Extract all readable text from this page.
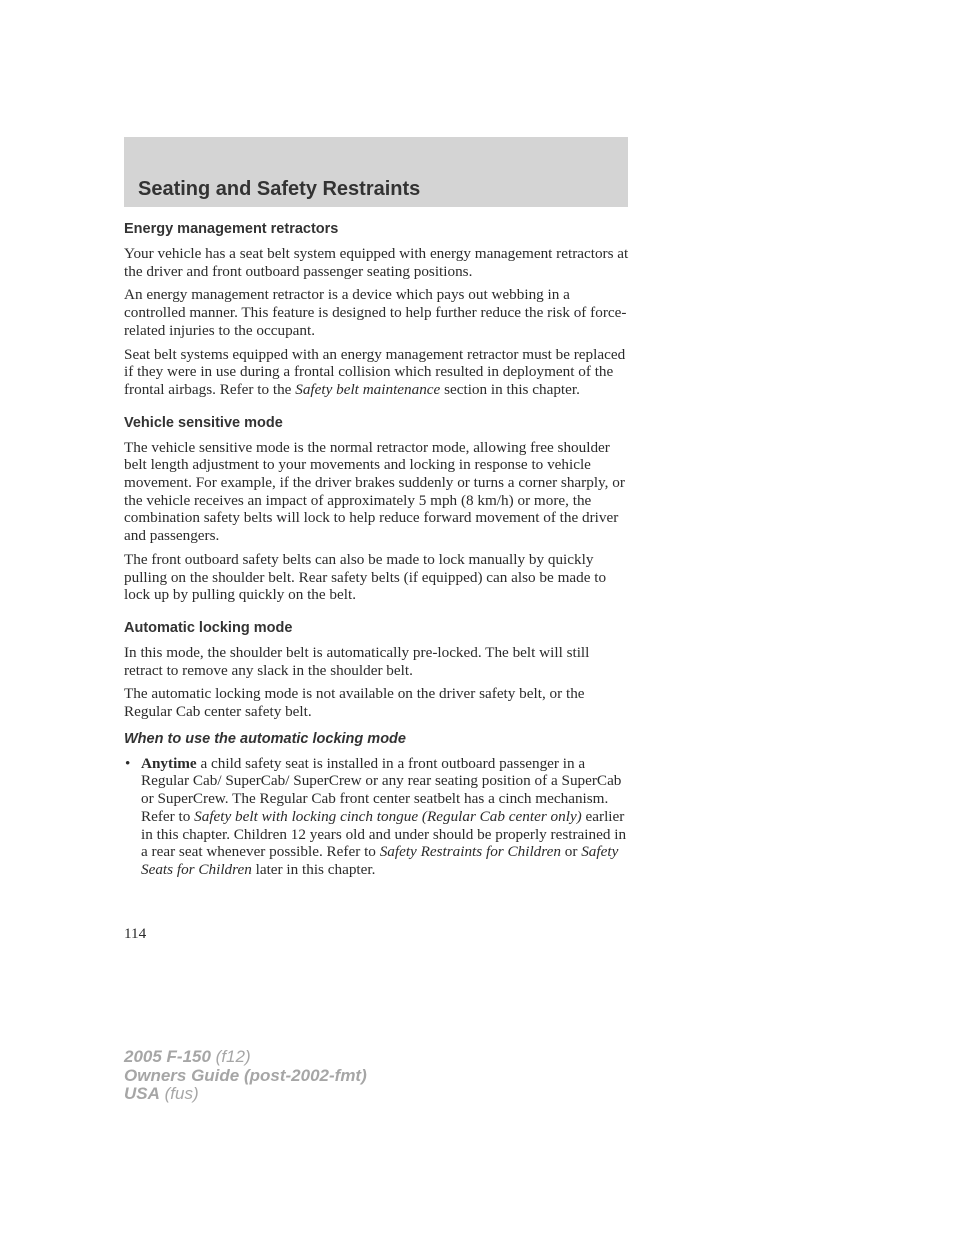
Seating and Safety Restraints
Energy management retractors

Your vehicle has a seat belt system equipped with energy management retractors at the driver and front outboard passenger seating positions.

An energy management retractor is a device which pays out webbing in a controlled manner. This feature is designed to help further reduce the risk of force-related injuries to the occupant.

Seat belt systems equipped with an energy management retractor must be replaced if they were in use during a frontal collision which resulted in deployment of the frontal airbags. Refer to the Safety belt maintenance section in this chapter.

Vehicle sensitive mode

The vehicle sensitive mode is the normal retractor mode, allowing free shoulder belt length adjustment to your movements and locking in response to vehicle movement. For example, if the driver brakes suddenly or turns a corner sharply, or the vehicle receives an impact of approximately 5 mph (8 km/h) or more, the combination safety belts will lock to help reduce forward movement of the driver and passengers.

The front outboard safety belts can also be made to lock manually by quickly pulling on the shoulder belt. Rear safety belts (if equipped) can also be made to lock up by pulling quickly on the belt.

Automatic locking mode

In this mode, the shoulder belt is automatically pre-locked. The belt will still retract to remove any slack in the shoulder belt.

The automatic locking mode is not available on the driver safety belt, or the Regular Cab center safety belt.

When to use the automatic locking mode
• Anytime a child safety seat is installed in a front outboard passenger in a Regular Cab/ SuperCab/ SuperCrew or any rear seating position of a SuperCab or SuperCrew. The Regular Cab front center seatbelt has a cinch mechanism. Refer to Safety belt with locking cinch tongue (Regular Cab center only) earlier in this chapter. Children 12 years old and under should be properly restrained in a rear seat whenever possible. Refer to Safety Restraints for Children or Safety Seats for Children later in this chapter.

114

2005 F-150 (f12)
Owners Guide (post-2002-fmt)
USA (fus)
